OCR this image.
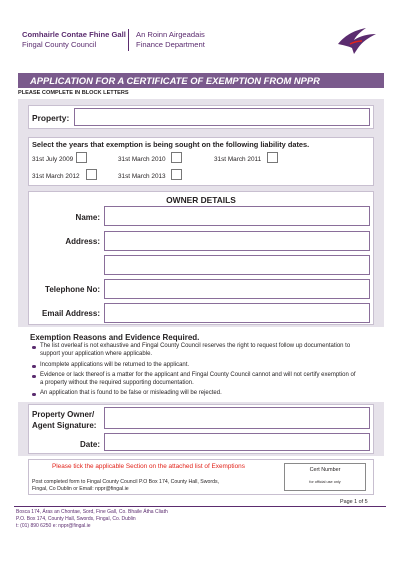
Comhairle Contae Fhine Gall
Fingal County Council
An Roinn Airgeadais
Finance Department
APPLICATION FOR A CERTIFICATE OF EXEMPTION FROM NPPR
PLEASE COMPLETE IN BLOCK LETTERS
Property:
Select the years that exemption is being sought on the following liability dates.
31st July 2009	31st March 2010	31st March 2011
31st March 2012	31st March 2013
OWNER DETAILS
Name:
Address:
Telephone No:
Email Address:
Exemption Reasons and Evidence Required.
The list overleaf is not exhaustive and Fingal County Council reserves the right to request follow up documentation to support your application where applicable.
Incomplete applications will be returned to the applicant.
Evidence or lack thereof is a matter for the applicant and Fingal County Council cannot and will not certify exemption of a property without the required supporting documentation.
An application that is found to be false or misleading will be rejected.
Property Owner/
Agent Signature:
Date:
Please tick the applicable Section on the attached list of Exemptions
Post completed form to Fingal County Council P.O Box 174, County Hall, Swords,
Fingal, Co Dublin or Email: nppr@fingal.ie
Cert Number
for official use only
Page 1 of 5
Bosca 174, Áras an Chontae, Sord, Fine Gall, Co. Bhaile Átha Cliath
P.O. Box 174, County Hall, Swords, Fingal, Co. Dublin
t: (01) 890 6250 e: nppr@fingal.ie
